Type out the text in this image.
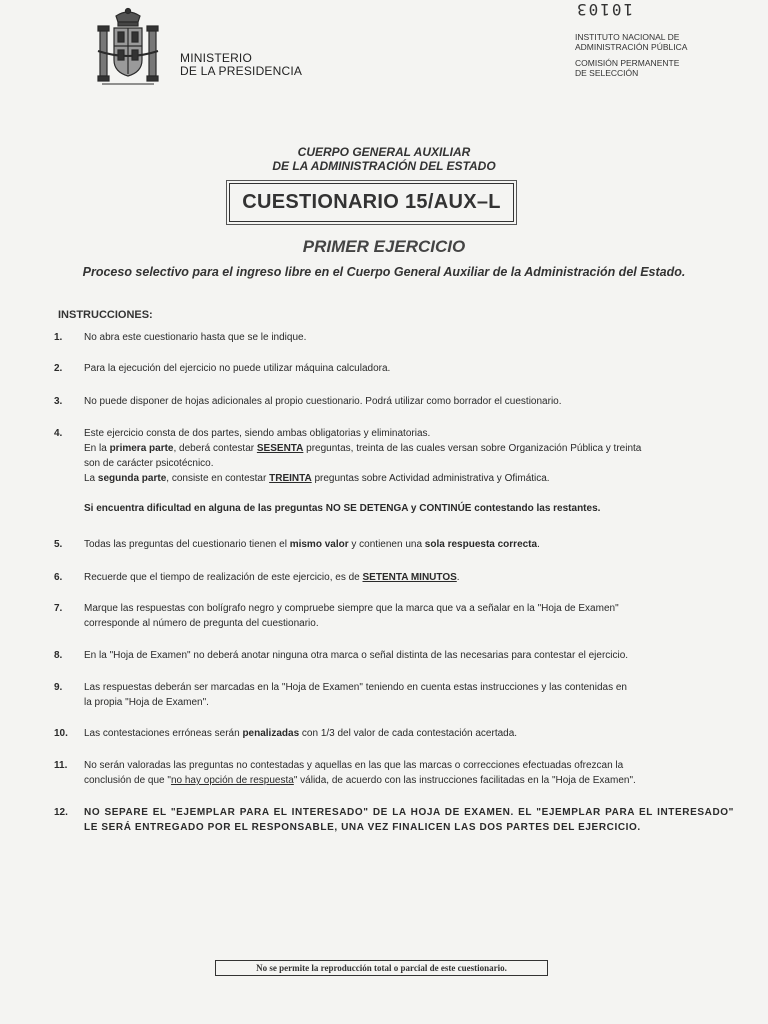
MINISTERIO
DE LA PRESIDENCIA
10103
INSTITUTO NACIONAL DE
ADMINISTRACIÓN PÚBLICA
COMISIÓN PERMANENTE
DE SELECCIÓN
CUERPO GENERAL AUXILIAR
DE LA ADMINISTRACIÓN DEL ESTADO
CUESTIONARIO 15/AUX–L
PRIMER EJERCICIO
Proceso selectivo para el ingreso libre en el Cuerpo General Auxiliar de la Administración del Estado.
INSTRUCCIONES:
1. No abra este cuestionario hasta que se le indique.

2. Para la ejecución del ejercicio no puede utilizar máquina calculadora.

3. No puede disponer de hojas adicionales al propio cuestionario. Podrá utilizar como borrador el cuestionario.

4. Este ejercicio consta de dos partes, siendo ambas obligatorias y eliminatorias.

En la primera parte, deberá contestar SESENTA preguntas, treinta de las cuales versan sobre Organización Pública y treinta

son de carácter psicotécnico.

La segunda parte, consiste en contestar TREINTA preguntas sobre Actividad administrativa y Ofimática.

Si encuentra dificultad en alguna de las preguntas NO SE DETENGA y CONTINÚE contestando las restantes.

5. Todas las preguntas del cuestionario tienen el mismo valor y contienen una sola respuesta correcta.

6. Recuerde que el tiempo de realización de este ejercicio, es de SETENTA MINUTOS.

7. Marque las respuestas con bolígrafo negro y compruebe siempre que la marca que va a señalar en la "Hoja de Examen"

corresponde al número de pregunta del cuestionario.

8. En la "Hoja de Examen" no deberá anotar ninguna otra marca o señal distinta de las necesarias para contestar el ejercicio.

9. Las respuestas deberán ser marcadas en la "Hoja de Examen" teniendo en cuenta estas instrucciones y las contenidas en

la propia "Hoja de Examen".

10. Las contestaciones erróneas serán penalizadas con 1/3 del valor de cada contestación acertada.

11. No serán valoradas las preguntas no contestadas y aquellas en las que las marcas o correcciones efectuadas ofrezcan la

conclusión de que "no hay opción de respuesta" válida, de acuerdo con las instrucciones facilitadas en la "Hoja de Examen".

12. NO SEPARE EL "EJEMPLAR PARA EL INTERESADO" DE LA HOJA DE EXAMEN. EL "EJEMPLAR PARA EL INTERESADO" LE SERÁ ENTREGADO POR EL RESPONSABLE, UNA VEZ FINALICEN LAS DOS PARTES DEL EJERCICIO.

No se permite la reproducción total o parcial de este cuestionario.
